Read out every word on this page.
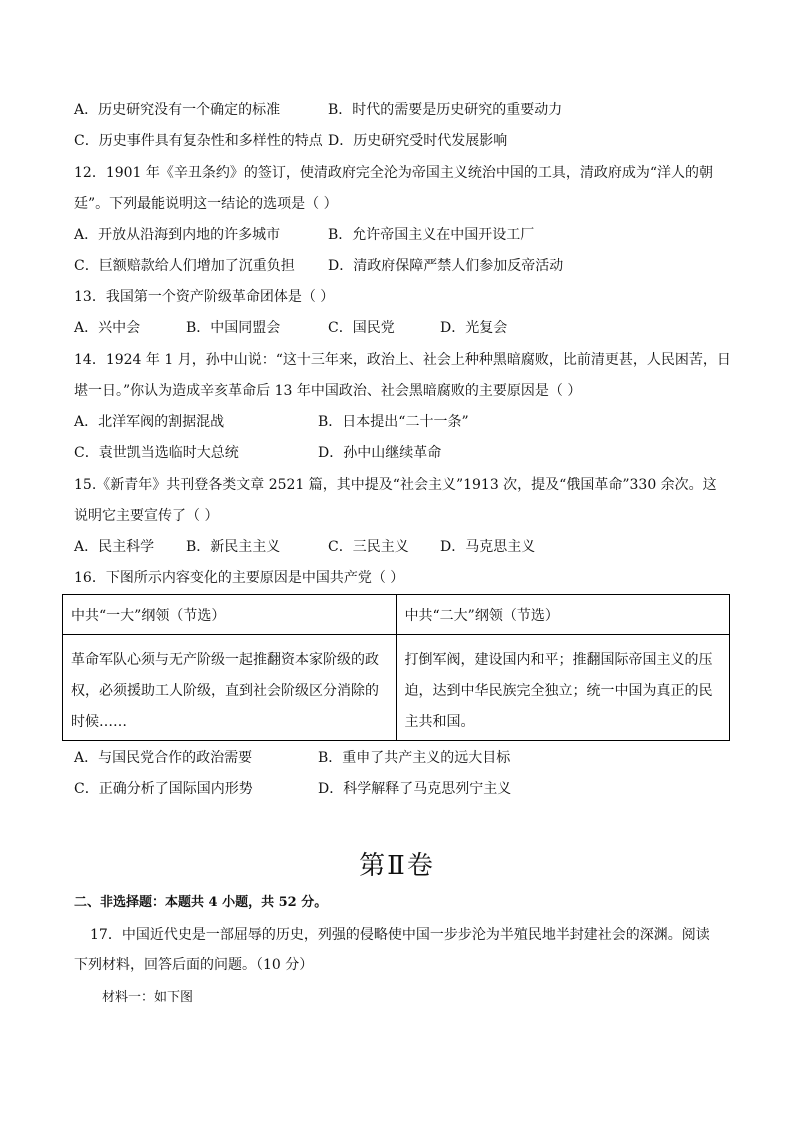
A．历史研究没有一个确定的标准	B．时代的需要是历史研究的重要动力
C．历史事件具有复杂性和多样性的特点 D．历史研究受时代发展影响
12．1901 年《辛丑条约》的签订，使清政府完全沦为帝国主义统治中国的工具，清政府成为“洋人的朝
廷”。下列最能说明这一结论的选项是（ ）
A．开放从沿海到内地的许多城市	B．允许帝国主义在中国开设工厂
C．巨额赔款给人们增加了沉重负担 D．清政府保障严禁人们参加反帝活动
13．我国第一个资产阶级革命团体是（ ）
A．兴中会	B．中国同盟会	C．国民党	D．光复会
14．1924 年 1 月，孙中山说：“这十三年来，政治上、社会上种种黑暗腐败，比前清更甚，人民困苦，日
堪一日。”你认为造成辛亥革命后 13 年中国政治、社会黑暗腐败的主要原因是（ ）
A．北洋军阀的割据混战	B．日本提出“二十一条”
C．袁世凯当选临时大总统	D．孙中山继续革命
15.《新青年》共刊登各类文章 2521 篇，其中提及“社会主义”1913 次，提及“俄国革命”330 余次。这
说明它主要宣传了（ ）
A．民主科学 B．新民主主义	C．三民主义 D．马克思主义
16．下图所示内容变化的主要原因是中国共产党（ ）
中共“一大”纲领（节选）	中共“二大”纲领（节选）
革命军队心须与无产阶级一起推翻资本家阶级的政权，必须援助工人阶级，直到社会阶级区分消除的时候……	打倒军阀，建设国内和平；推翻国际帝国主义的压迫，达到中华民族完全独立；统一中国为真正的民主共和国。
A．与国民党合作的政治需要	B．重申了共产主义的远大目标
C．正确分析了国际国内形势	D．科学解释了马克思列宁主义
第Ⅱ卷
二、非选择题：本题共 4 小题，共 52 分。
17．中国近代史是一部屈辱的历史，列强的侵略使中国一步步沦为半殖民地半封建社会的深渊。阅读
下列材料，回答后面的问题。（10 分）
材料一：如下图
